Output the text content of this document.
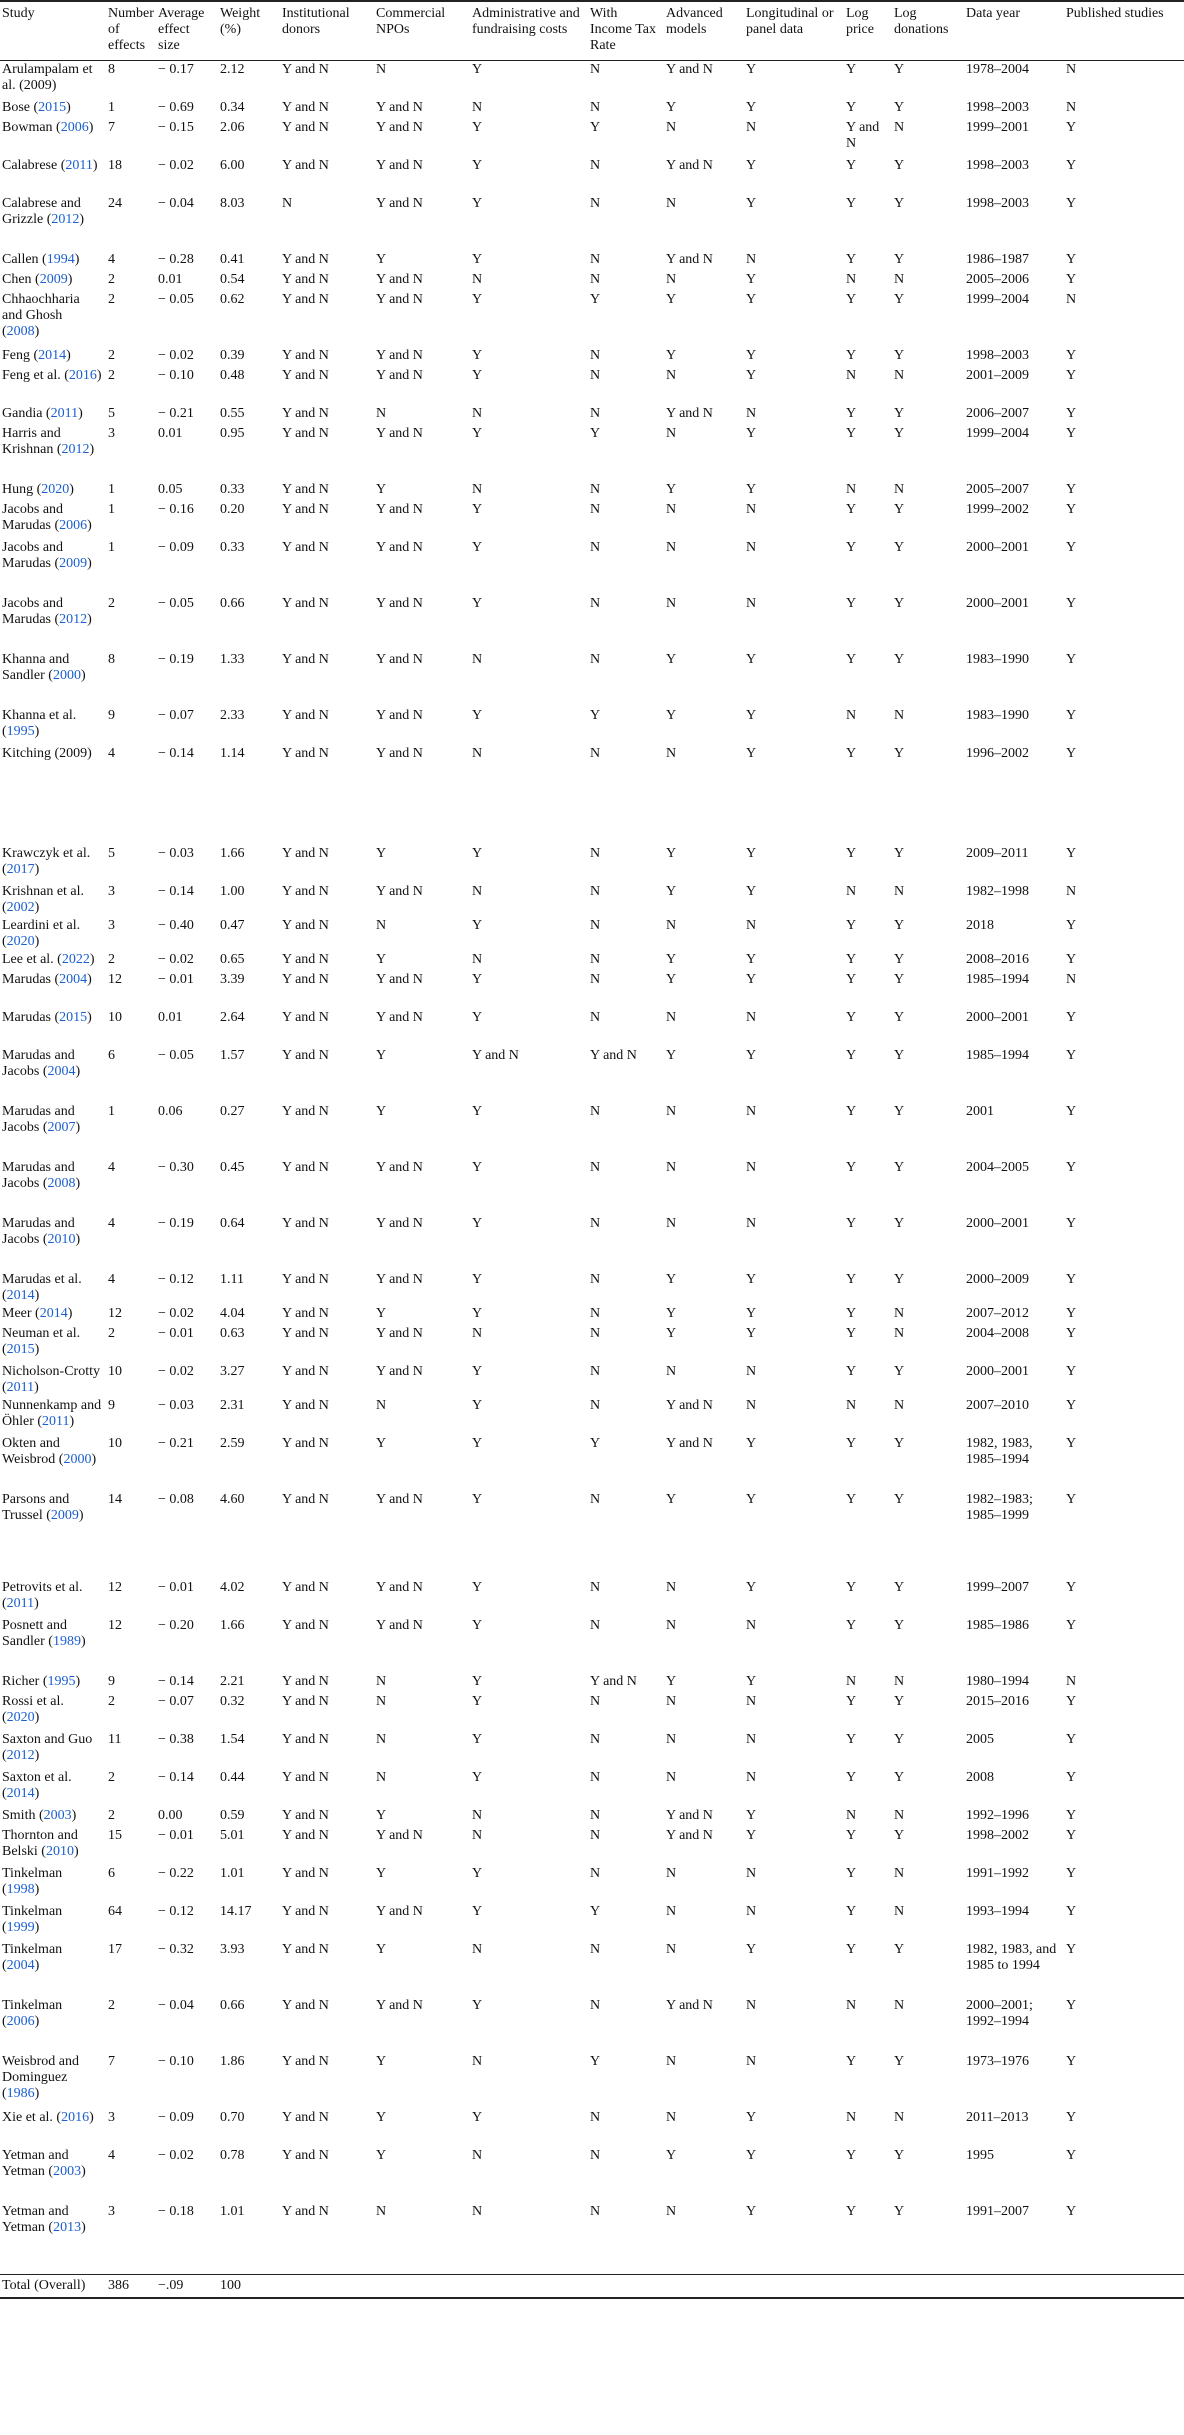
Study	Number of effects	Average effect size	Weight (%)	Institutional donors	Commercial NPOs	Administrative and fundraising costs	With Income Tax Rate	Advanced models	Longitudinal or panel data	Log price	Log donations	Data year	Published studies
Arulampalam et al. (2009)	8	− 0.17	2.12	Y and N	N	Y	N	Y and N	Y	Y	Y	1978–2004	N
Bose (2015)	1	− 0.69	0.34	Y and N	Y and N	N	N	Y	Y	Y	Y	1998–2003	N
Bowman (2006)	7	− 0.15	2.06	Y and N	Y and N	Y	Y	N	N	Y and N	N	1999–2001	Y
Calabrese (2011)	18	− 0.02	6.00	Y and N	Y and N	Y	N	Y and N	Y	Y	Y	1998–2003	Y
Calabrese and Grizzle (2012)	24	− 0.04	8.03	N	Y and N	Y	N	N	Y	Y	Y	1998–2003	Y
Callen (1994)	4	− 0.28	0.41	Y and N	Y	Y	N	Y and N	N	Y	Y	1986–1987	Y
Chen (2009)	2	0.01	0.54	Y and N	Y and N	N	N	N	Y	N	N	2005–2006	Y
Chhaochharia and Ghosh (2008)	2	− 0.05	0.62	Y and N	Y and N	Y	Y	Y	Y	Y	Y	1999–2004	N
Feng (2014)	2	− 0.02	0.39	Y and N	Y and N	Y	N	Y	Y	Y	Y	1998–2003	Y
Feng et al. (2016)	2	− 0.10	0.48	Y and N	Y and N	Y	N	N	Y	N	N	2001–2009	Y
Gandia (2011)	5	− 0.21	0.55	Y and N	N	N	N	Y and N	N	Y	Y	2006–2007	Y
Harris and Krishnan (2012)	3	0.01	0.95	Y and N	Y and N	Y	Y	N	Y	Y	Y	1999–2004	Y
Hung (2020)	1	0.05	0.33	Y and N	Y	N	N	Y	Y	N	N	2005–2007	Y
Jacobs and Marudas (2006)	1	− 0.16	0.20	Y and N	Y and N	Y	N	N	N	Y	Y	1999–2002	Y
Jacobs and Marudas (2009)	1	− 0.09	0.33	Y and N	Y and N	Y	N	N	N	Y	Y	2000–2001	Y
Jacobs and Marudas (2012)	2	− 0.05	0.66	Y and N	Y and N	Y	N	N	N	Y	Y	2000–2001	Y
Khanna and Sandler (2000)	8	− 0.19	1.33	Y and N	Y and N	N	N	Y	Y	Y	Y	1983–1990	Y
Khanna et al. (1995)	9	− 0.07	2.33	Y and N	Y and N	Y	Y	Y	Y	N	N	1983–1990	Y
Kitching (2009)	4	− 0.14	1.14	Y and N	Y and N	N	N	N	Y	Y	Y	1996–2002	Y
Krawczyk et al. (2017)	5	− 0.03	1.66	Y and N	Y	Y	N	Y	Y	Y	Y	2009–2011	Y
Krishnan et al. (2002)	3	− 0.14	1.00	Y and N	Y and N	N	N	Y	Y	N	N	1982–1998	N
Leardini et al. (2020)	3	− 0.40	0.47	Y and N	N	Y	N	N	N	Y	Y	2018	Y
Lee et al. (2022)	2	− 0.02	0.65	Y and N	Y	N	N	Y	Y	Y	Y	2008–2016	Y
Marudas (2004)	12	− 0.01	3.39	Y and N	Y and N	Y	N	Y	Y	Y	Y	1985–1994	N
Marudas (2015)	10	0.01	2.64	Y and N	Y and N	Y	N	N	N	Y	Y	2000–2001	Y
Marudas and Jacobs (2004)	6	− 0.05	1.57	Y and N	Y	Y and N	Y and N	Y	Y	Y	Y	1985–1994	Y
Marudas and Jacobs (2007)	1	0.06	0.27	Y and N	Y	Y	N	N	N	Y	Y	2001	Y
Marudas and Jacobs (2008)	4	− 0.30	0.45	Y and N	Y and N	Y	N	N	N	Y	Y	2004–2005	Y
Marudas and Jacobs (2010)	4	− 0.19	0.64	Y and N	Y and N	Y	N	N	N	Y	Y	2000–2001	Y
Marudas et al. (2014)	4	− 0.12	1.11	Y and N	Y and N	Y	N	Y	Y	Y	Y	2000–2009	Y
Meer (2014)	12	− 0.02	4.04	Y and N	Y	Y	N	Y	Y	Y	N	2007–2012	Y
Neuman et al. (2015)	2	− 0.01	0.63	Y and N	Y and N	N	N	Y	Y	Y	N	2004–2008	Y
Nicholson-Crotty (2011)	10	− 0.02	3.27	Y and N	Y and N	Y	N	N	N	Y	Y	2000–2001	Y
Nunnenkamp and Öhler (2011)	9	− 0.03	2.31	Y and N	N	Y	N	Y and N	N	N	N	2007–2010	Y
Okten and Weisbrod (2000)	10	− 0.21	2.59	Y and N	Y	Y	Y	Y and N	Y	Y	Y	1982, 1983, 1985–1994	Y
Parsons and Trussel (2009)	14	− 0.08	4.60	Y and N	Y and N	Y	N	Y	Y	Y	Y	1982–1983; 1985–1999	Y
Petrovits et al. (2011)	12	− 0.01	4.02	Y and N	Y and N	Y	N	N	Y	Y	Y	1999–2007	Y
Posnett and Sandler (1989)	12	− 0.20	1.66	Y and N	Y and N	Y	N	N	N	Y	Y	1985–1986	Y
Richer (1995)	9	− 0.14	2.21	Y and N	N	Y	Y and N	Y	Y	N	N	1980–1994	N
Rossi et al. (2020)	2	− 0.07	0.32	Y and N	N	Y	N	N	N	Y	Y	2015–2016	Y
Saxton and Guo (2012)	11	− 0.38	1.54	Y and N	N	Y	N	N	N	Y	Y	2005	Y
Saxton et al. (2014)	2	− 0.14	0.44	Y and N	N	Y	N	N	N	Y	Y	2008	Y
Smith (2003)	2	0.00	0.59	Y and N	Y	N	N	Y and N	Y	N	N	1992–1996	Y
Thornton and Belski (2010)	15	− 0.01	5.01	Y and N	Y and N	N	N	Y and N	Y	Y	Y	1998–2002	Y
Tinkelman (1998)	6	− 0.22	1.01	Y and N	Y	Y	N	N	N	Y	N	1991–1992	Y
Tinkelman (1999)	64	− 0.12	14.17	Y and N	Y and N	Y	Y	N	N	Y	N	1993–1994	Y
Tinkelman (2004)	17	− 0.32	3.93	Y and N	Y	N	N	N	Y	Y	Y	1982, 1983, and 1985 to 1994	Y
Tinkelman (2006)	2	− 0.04	0.66	Y and N	Y and N	Y	N	Y and N	N	N	N	2000–2001; 1992–1994	Y
Weisbrod and Dominguez (1986)	7	− 0.10	1.86	Y and N	Y	N	Y	N	N	Y	Y	1973–1976	Y
Xie et al. (2016)	3	− 0.09	0.70	Y and N	Y	Y	N	N	Y	N	N	2011–2013	Y
Yetman and Yetman (2003)	4	− 0.02	0.78	Y and N	Y	N	N	Y	Y	Y	Y	1995	Y
Yetman and Yetman (2013)	3	− 0.18	1.01	Y and N	N	N	N	N	Y	Y	Y	1991–2007	Y
Total (Overall)	386	−.09	100										
